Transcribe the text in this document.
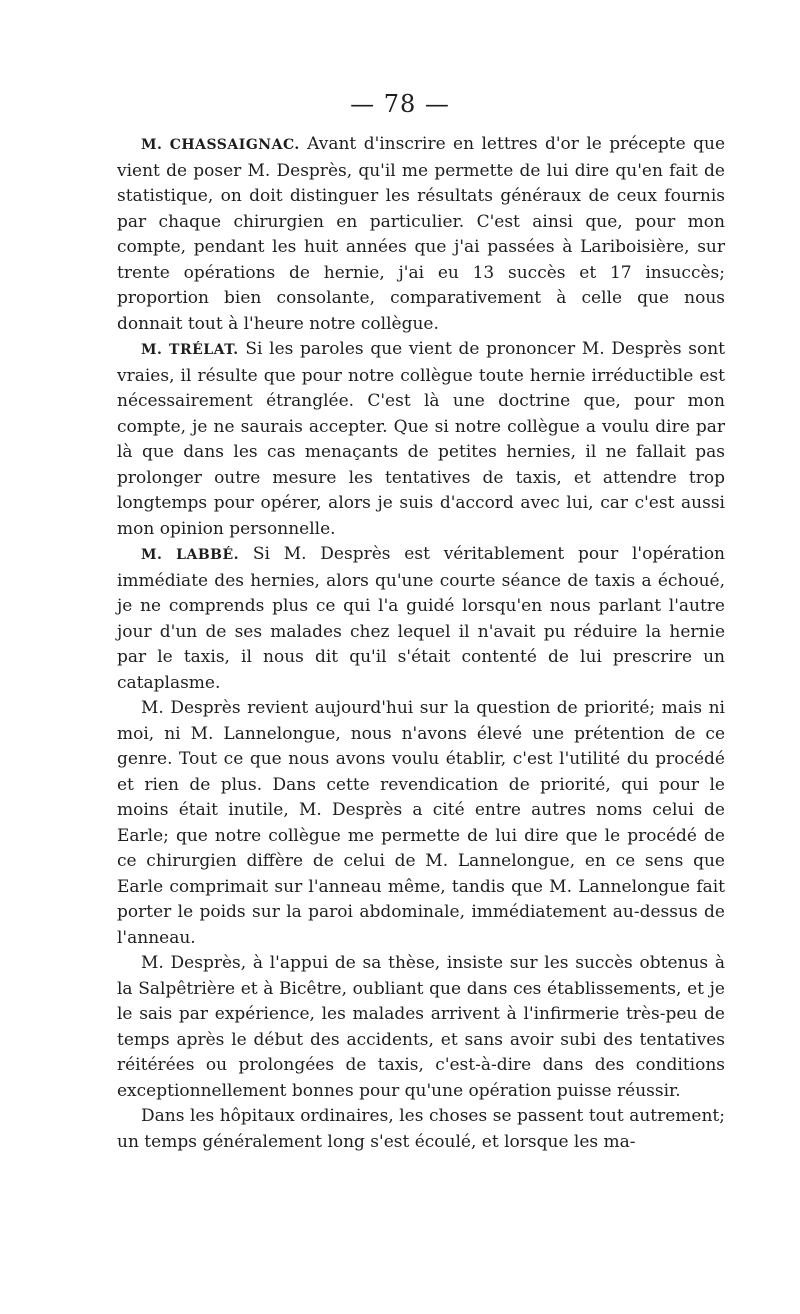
— 78 —

M. CHASSAIGNAC. Avant d'inscrire en lettres d'or le précepte que vient de poser M. Desprès, qu'il me permette de lui dire qu'en fait de statistique, on doit distinguer les résultats généraux de ceux fournis par chaque chirurgien en particulier. C'est ainsi que, pour mon compte, pendant les huit années que j'ai passées à Lariboisière, sur trente opérations de hernie, j'ai eu 13 succès et 17 insuccès; proportion bien consolante, comparativement à celle que nous donnait tout à l'heure notre collègue.

M. TRÉLAT. Si les paroles que vient de prononcer M. Desprès sont vraies, il résulte que pour notre collègue toute hernie irréductible est nécessairement étranglée. C'est là une doctrine que, pour mon compte, je ne saurais accepter. Que si notre collègue a voulu dire par là que dans les cas menaçants de petites hernies, il ne fallait pas prolonger outre mesure les tentatives de taxis, et attendre trop longtemps pour opérer, alors je suis d'accord avec lui, car c'est aussi mon opinion personnelle.

M. LABBÉ. Si M. Desprès est véritablement pour l'opération immédiate des hernies, alors qu'une courte séance de taxis a échoué, je ne comprends plus ce qui l'a guidé lorsqu'en nous parlant l'autre jour d'un de ses malades chez lequel il n'avait pu réduire la hernie par le taxis, il nous dit qu'il s'était contenté de lui prescrire un cataplasme.

M. Desprès revient aujourd'hui sur la question de priorité; mais ni moi, ni M. Lannelongue, nous n'avons élevé une prétention de ce genre. Tout ce que nous avons voulu établir, c'est l'utilité du procédé et rien de plus. Dans cette revendication de priorité, qui pour le moins était inutile, M. Desprès a cité entre autres noms celui de Earle; que notre collègue me permette de lui dire que le procédé de ce chirurgien diffère de celui de M. Lannelongue, en ce sens que Earle comprimait sur l'anneau même, tandis que M. Lannelongue fait porter le poids sur la paroi abdominale, immédiatement au-dessus de l'anneau.

M. Desprès, à l'appui de sa thèse, insiste sur les succès obtenus à la Salpêtrière et à Bicêtre, oubliant que dans ces établissements, et je le sais par expérience, les malades arrivent à l'infirmerie très-peu de temps après le début des accidents, et sans avoir subi des tentatives réitérées ou prolongées de taxis, c'est-à-dire dans des conditions exceptionnellement bonnes pour qu'une opération puisse réussir.

Dans les hôpitaux ordinaires, les choses se passent tout autrement; un temps généralement long s'est écoulé, et lorsque les ma-
